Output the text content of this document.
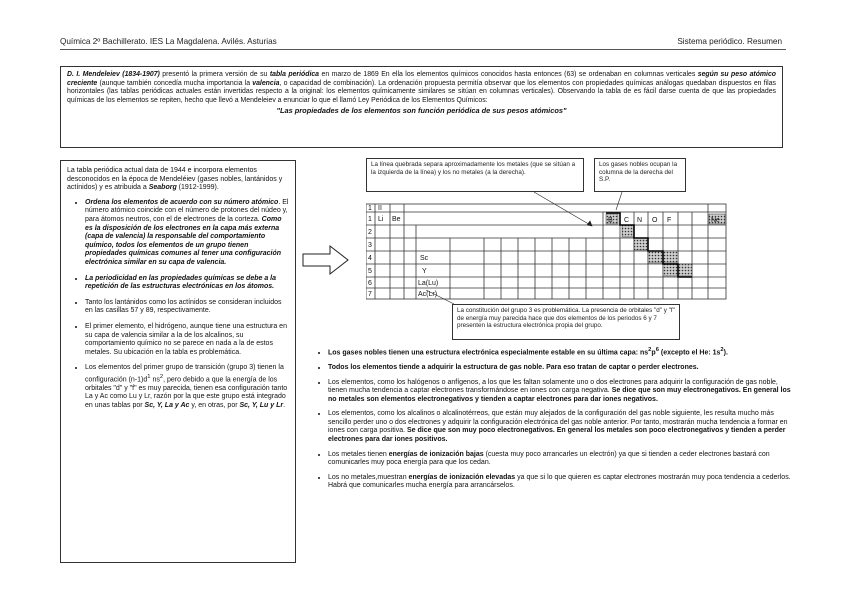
Química 2º Bachillerato. IES La Magdalena. Avilés. Asturias	Sistema periódico. Resumen
D. I. Mendeleiev (1834-1907) presentó la primera versión de su tabla periódica en marzo de 1869 En ella los elementos químicos conocidos hasta entonces (63) se ordenaban en columnas verticales según su peso atómico creciente (aunque también concedía mucha importancia la valencia, o capacidad de combinación). La ordenación propuesta permitía observar que los elementos con propiedades químicas análogas quedaban dispuestos en filas horizontales (las tablas periódicas actuales están invertidas respecto a la original: los elementos químicamente similares se sitúan en columnas verticales). Observando la tabla de es fácil darse cuenta de que las propiedades químicas de los elementos se repiten, hecho que llevó a Mendeleiev a enunciar lo que el llamó Ley Periódica de los Elementos Químicos:
"Las propiedades de los elementos son función periódica de sus pesos atómicos"

La tabla periódica actual data de 1944 e incorpora elementos desconocidos en la época de Mendeléiev (gases nobles, lantánidos y actínidos) y es atribuida a Seaborg (1912-1999).

• Ordena los elementos de acuerdo con su número atómico. El número atómico coincide con el número de protones del núdeo y, para átomos neutros, con el de electrones de la corteza. Como es la disposición de los electrones en la capa más externa (capa de valencia) la responsable del comportamiento químico, todos los elementos de un grupo tienen propiedades químicas comunes al tener una configuración electrónica similar en su capa de valencia.
• La periodicidad en las propiedades químicas se debe a la repetición de las estructuras electrónicas en los átomos.
• Tanto los lantánidos como los actínidos se consideran incluidos en las casillas 57 y 89, respectivamente.
• El primer elemento, el hidrógeno, aunque tiene una estructura en su capa de valencia similar a la de los alcalinos, su comportamiento químico no se parece en nada a la de estos metales. Su ubicación en la tabla es problemática.
• Los elementos del primer grupo de transición (grupo 3) tienen la configuración $(n-1)d^1$ $ns^2$, pero debido a que la energía de los orbitales "d" y "f" es muy parecida, tienen esa configuración tanto La y Ac como Lu y Lr, razón por la que este grupo está integrado en unas tablas por Sc, Y, La y Ac y, en otras, por Sc, Y, Lu y Lr.
1 II
1
2
3
4
5
6
7
Li Be
Sc
Y
La(Lu)
Ac(Lr)
B C N O F	Ne
La línea quebrada separa aproximadamente los metales (que se sitúan a la izquierda de la línea) y los no metales (a la derecha).
Los gases nobles ocupan la columna de la derecha del S.P.
La constitución del grupo 3 es problemática. La presencia de orbitales "d" y "f" de energía muy parecida hace que dos elementos de los periodos 6 y 7 presenten la estructura electrónica propia del grupo.
• Los gases nobles tienen una estructura electrónica especialmente estable en su última capa: $ns^2p^6$ (excepto el He: $1s^2$).
• Todos los elementos tiende a adquirir la estructura de gas noble. Para eso tratan de captar o perder electrones.
• Los elementos, como los halógenos o anfígenos, a los que les faltan solamente uno o dos electrones para adquirir la configuración de gas noble, tienen mucha tendencia a captar electrones transformándose en iones con carga negativa. Se dice que son muy electronegativos. En general los no metales son elementos electronegativos y tienden a captar electrones para dar iones negativos.
• Los elementos, como los alcalinos o alcalinotérreos, que están muy alejados de la configuración del gas noble siguiente, les resulta mucho más sencillo perder uno o dos electrones y adquirir la configuración electrónica del gas noble anterior. Por tanto, mostrarán mucha tendencia a formar en iones con carga positiva. Se dice que son muy poco electronegativos. En general los metales son poco electronegativos y tienden a perder electrones para dar iones positivos.
• Los metales tienen energías de ionización bajas (cuesta muy poco arrancarles un electrón) ya que si tienden a ceder electrones bastará con comunicarles muy poca energía para que los cedan.
• Los no metales,muestran energías de ionización elevadas ya que si lo que quieren es captar electrones mostrarán muy poca tendencia a cederlos. Habrá que comunicarles mucha energía para arrancárselos.
